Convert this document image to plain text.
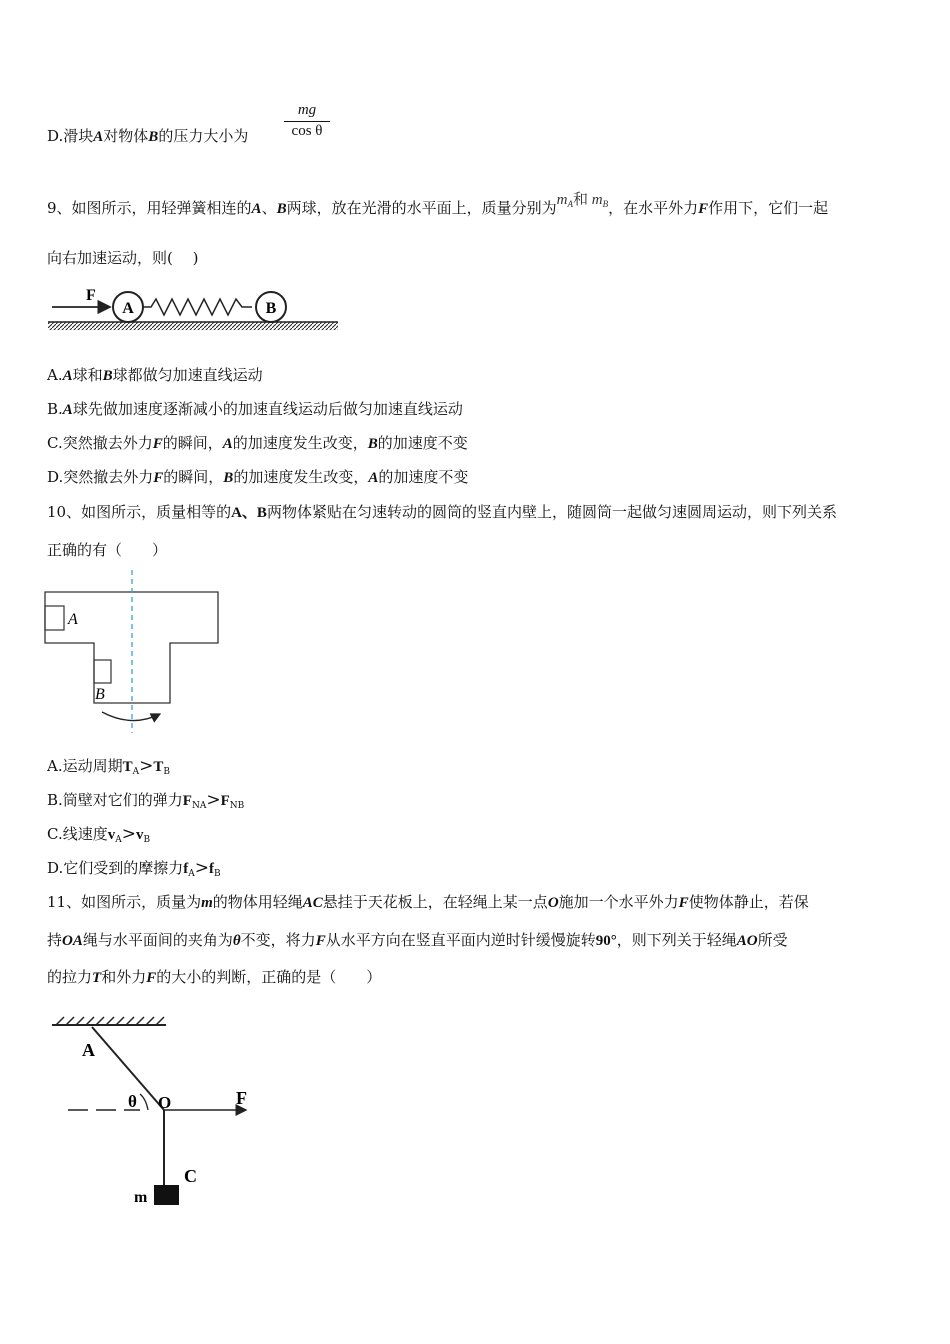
D.滑块A对物体B的压力大小为 $\frac{mg}{\text{cos θ}}$
9、如图所示，用轻弹簧相连的A、B两球，放在光滑的水平面上，质量分别为$m_A$和 $m_B$，在水平外力F作用下，它们一起
向右加速运动，则(　 )
F
A	B
A
B
A
θ O	F
C
m
A.A球和B球都做匀加速直线运动
B.A球先做加速度逐渐减小的加速直线运动后做匀加速直线运动
C.突然撤去外力F的瞬间，A的加速度发生改变，B的加速度不变
D.突然撤去外力F的瞬间，B的加速度发生改变，A的加速度不变
10、如图所示，质量相等的A、B两物体紧贴在匀速转动的圆筒的竖直内壁上，随圆筒一起做匀速圆周运动，则下列关系
正确的有（　　）
A.运动周期$T_A>T_B$
B.筒壁对它们的弹力$F_{NA}>F_{NB}$
C.线速度$v_A>v_B$
D.它们受到的摩擦力$f_A>f_B$
11、如图所示，质量为m的物体用轻绳AC悬挂于天花板上，在轻绳上某一点O施加一个水平外力F使物体静止，若保
持OA绳与水平面间的夹角为θ不变，将力F从水平方向在竖直平面内逆时针缓慢旋转90°，则下列关于轻绳AO所受
的拉力T和外力F的大小的判断，正确的是（　　）
